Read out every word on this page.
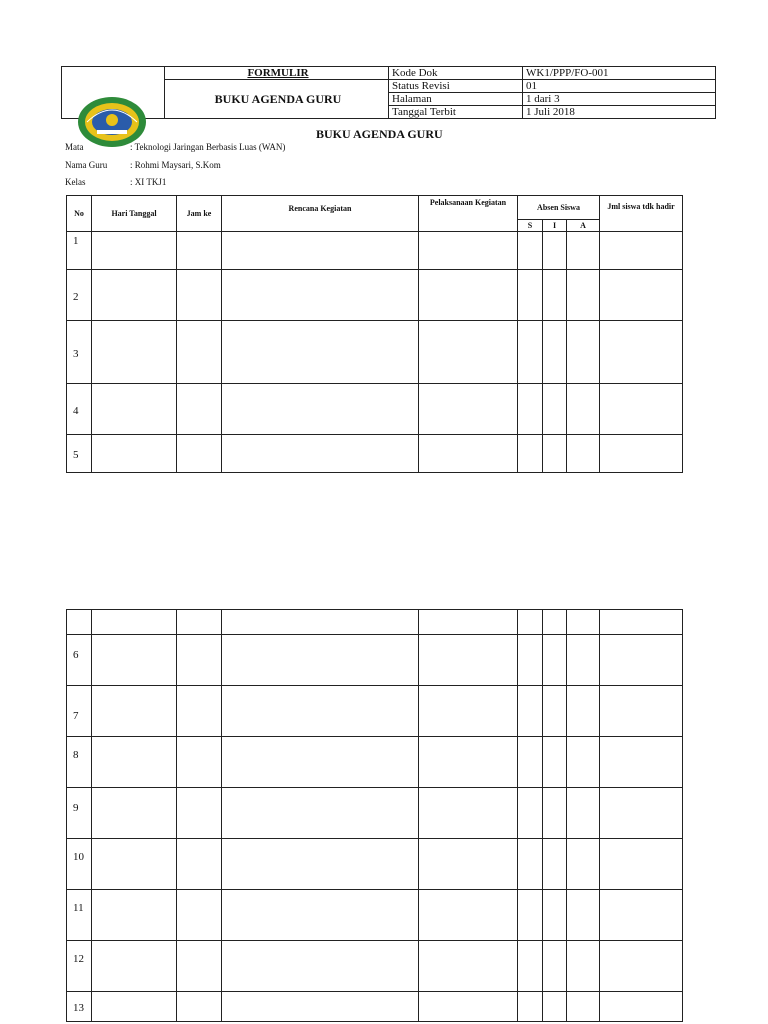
	FORMULIR	Kode Dok	WK1/PPP/FO-001
	BUKU AGENDA GURU	Status Revisi	01
		Halaman	1 dari 3
		Tanggal Terbit	1 Juli 2018
BUKU AGENDA GURU
Mata	: Teknologi Jaringan Berbasis Luas (WAN)
Nama Guru	: Rohmi Maysari, S.Kom
Kelas	: XI TKJ1
No	Hari Tanggal	Jam ke	Rencana Kegiatan	Pelaksanaan Kegiatan	Absen Siswa			Jml siswa tdk hadir
					S	I	A	
1								
2								
3								
4								
5								

6								
7								
8								
9								
10								
11								
12								
13								
